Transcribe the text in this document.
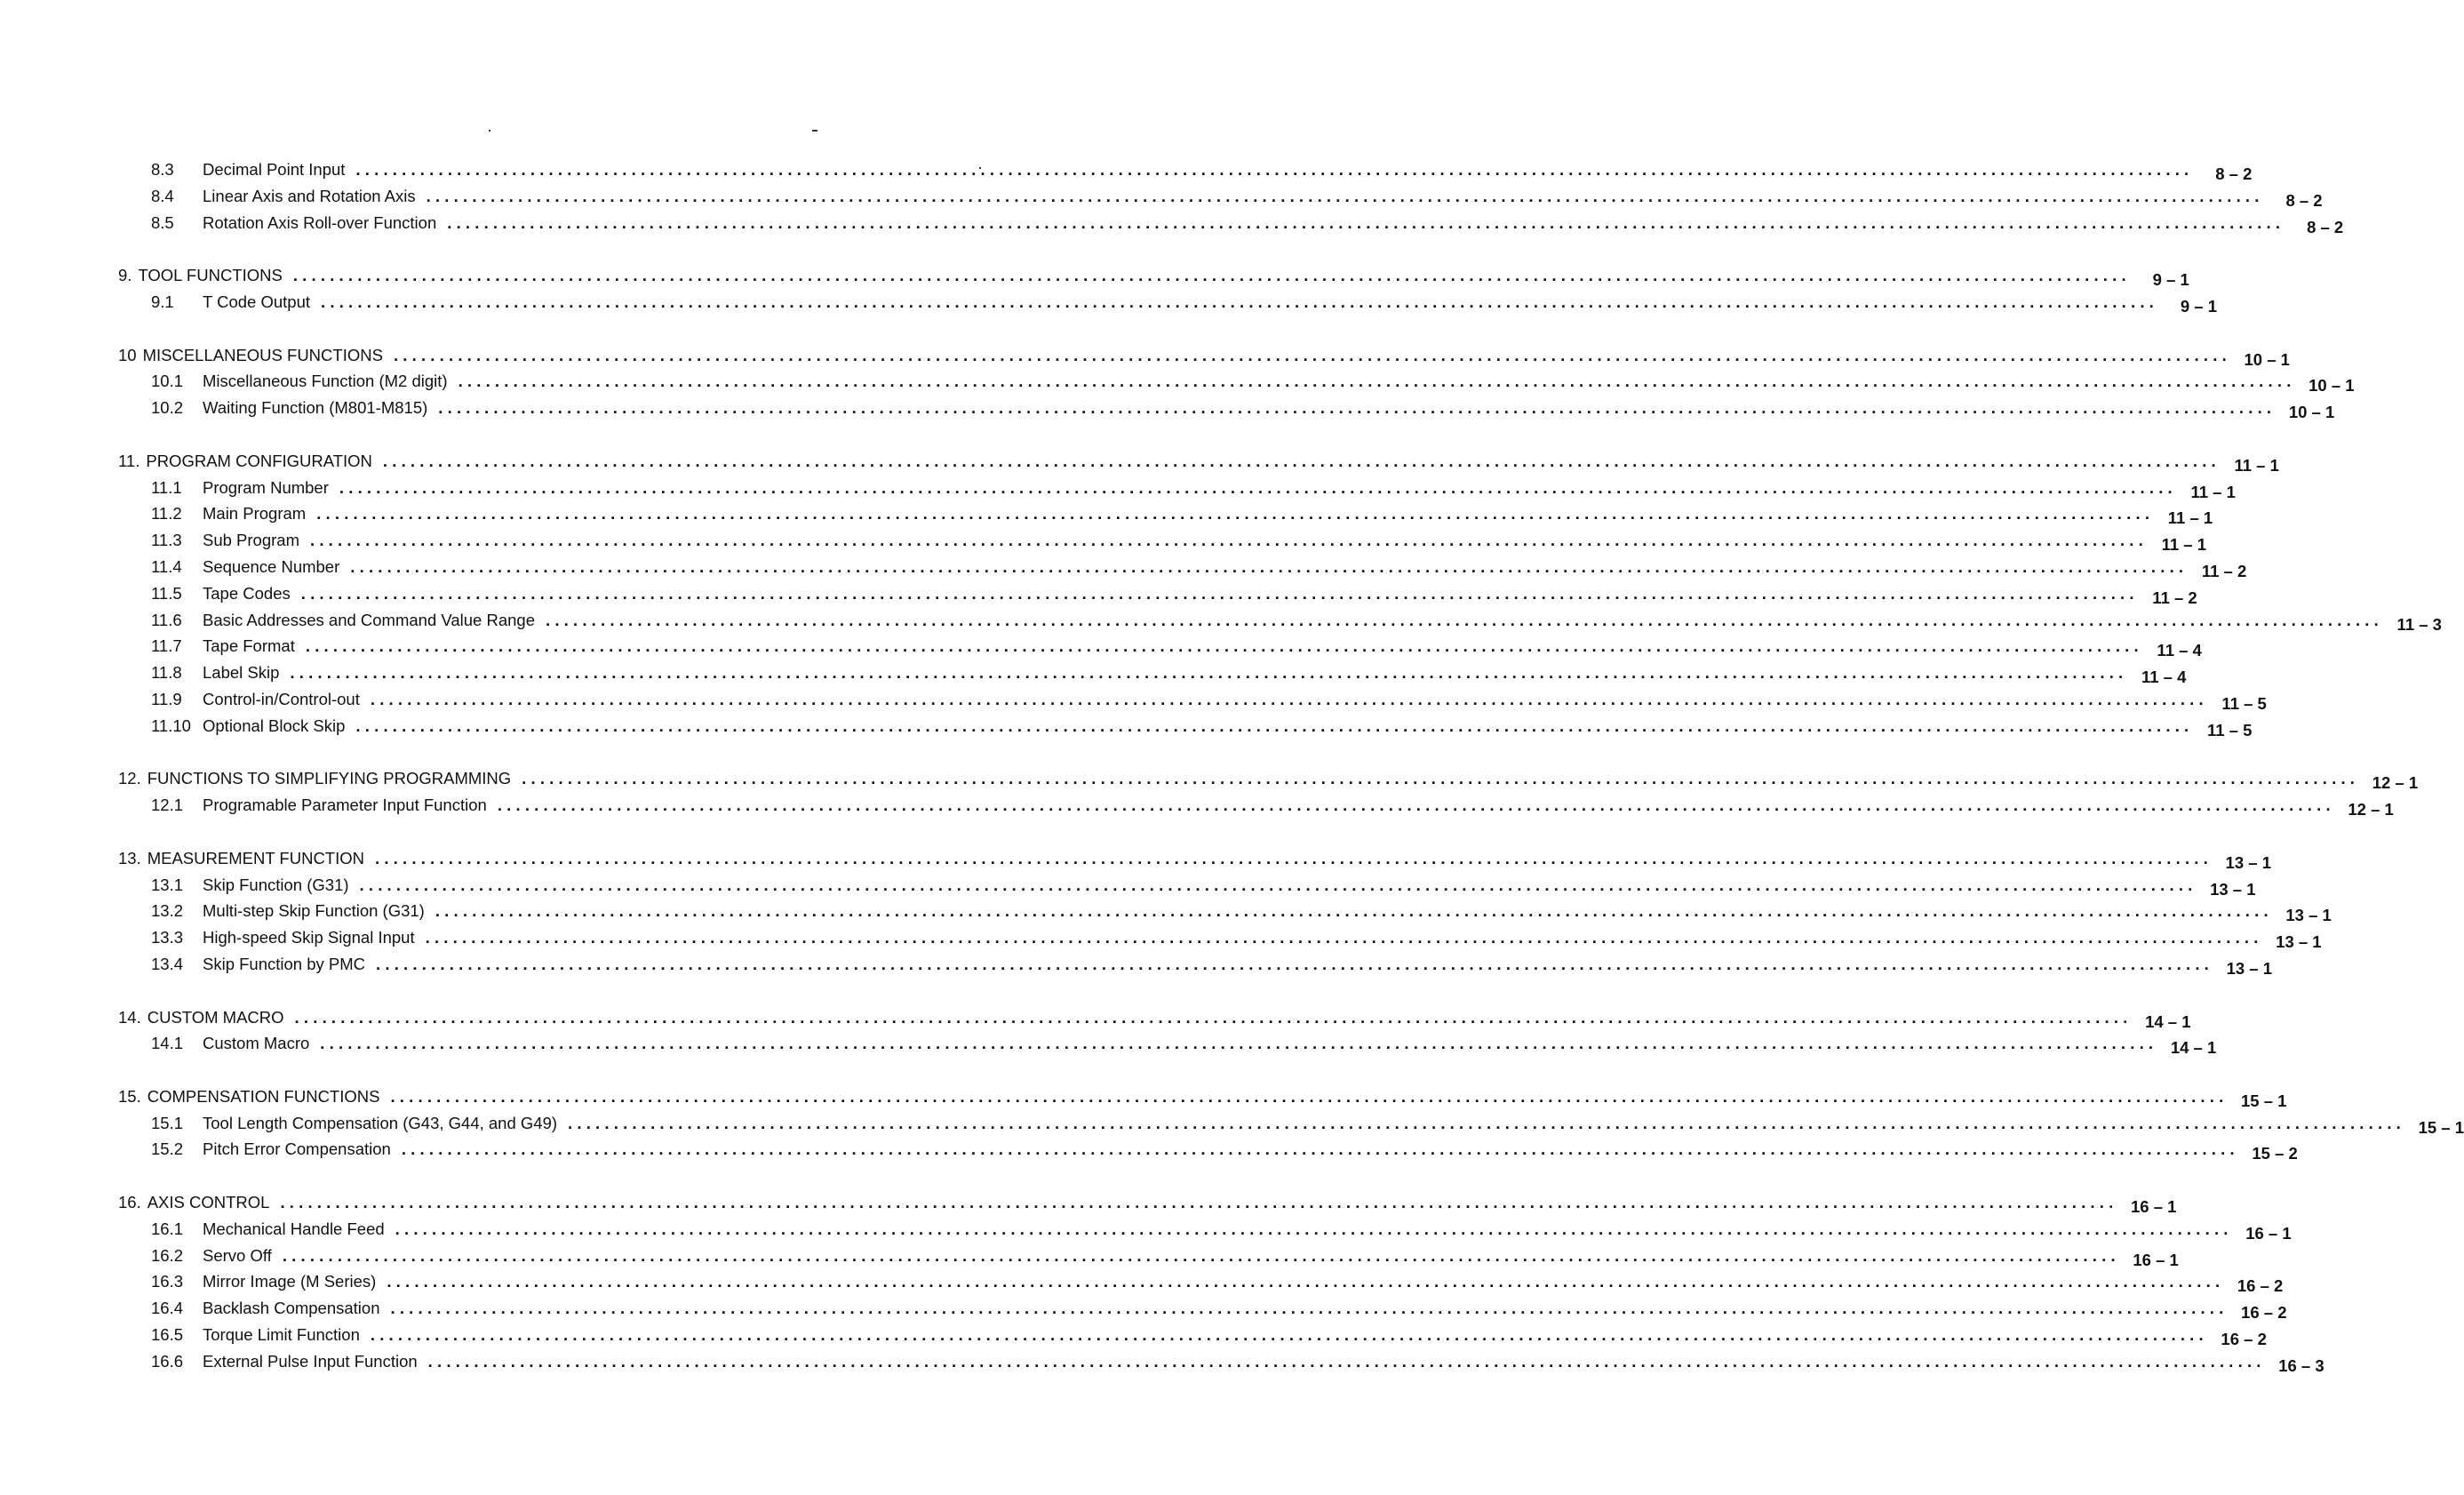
8.3	Decimal Point Input ........................................................................................................................................................................................................	8 – 2
8.4	Linear Axis and Rotation Axis ........................................................................................................................................................................................................	8 – 2
8.5	Rotation Axis Roll-over Function ........................................................................................................................................................................................................	8 – 2
9. TOOL FUNCTIONS ........................................................................................................................................................................................................	9 – 1
9.1	T Code Output ........................................................................................................................................................................................................	9 – 1
10 MISCELLANEOUS FUNCTIONS ........................................................................................................................................................................................................ 10 – 1
10.1	Miscellaneous Function (M2 digit) ........................................................................................................................................................................................................ 10 – 1
10.2	Waiting Function (M801-M815) ........................................................................................................................................................................................................ 10 – 1
11. PROGRAM CONFIGURATION ........................................................................................................................................................................................................ 11 – 1
11.1	Program Number ........................................................................................................................................................................................................ 11 – 1
11.2	Main Program ........................................................................................................................................................................................................ 11 – 1
11.3	Sub Program ........................................................................................................................................................................................................ 11 – 1
11.4	Sequence Number ........................................................................................................................................................................................................ 11 – 2
11.5	Tape Codes ........................................................................................................................................................................................................ 11 – 2
11.6	Basic Addresses and Command Value Range ........................................................................................................................................................................................................ 11 – 3
11.7	Tape Format ........................................................................................................................................................................................................ 11 – 4
11.8	Label Skip ........................................................................................................................................................................................................ 11 – 4
11.9	Control-in/Control-out ........................................................................................................................................................................................................ 11 – 5
11.10 Optional Block Skip ........................................................................................................................................................................................................ 11 – 5
12. FUNCTIONS TO SIMPLIFYING PROGRAMMING ........................................................................................................................................................................................................ 12 – 1
12.1	Programable Parameter Input Function ........................................................................................................................................................................................................ 12 – 1
13. MEASUREMENT FUNCTION ........................................................................................................................................................................................................ 13 – 1
13.1	Skip Function (G31) ........................................................................................................................................................................................................ 13 – 1
13.2	Multi-step Skip Function (G31) ........................................................................................................................................................................................................ 13 – 1
13.3	High-speed Skip Signal Input ........................................................................................................................................................................................................ 13 – 1
13.4	Skip Function by PMC ........................................................................................................................................................................................................ 13 – 1
14. CUSTOM MACRO ........................................................................................................................................................................................................ 14 – 1
14.1	Custom Macro ........................................................................................................................................................................................................ 14 – 1
15. COMPENSATION FUNCTIONS ........................................................................................................................................................................................................ 15 – 1
15.1	Tool Length Compensation (G43, G44, and G49) ........................................................................................................................................................................................................ 15 – 1
15.2	Pitch Error Compensation ........................................................................................................................................................................................................ 15 – 2
16. AXIS CONTROL ........................................................................................................................................................................................................ 16 – 1
16.1	Mechanical Handle Feed ........................................................................................................................................................................................................ 16 – 1
16.2	Servo Off ........................................................................................................................................................................................................ 16 – 1
16.3	Mirror Image (M Series) ........................................................................................................................................................................................................ 16 – 2
16.4	Backlash Compensation ........................................................................................................................................................................................................ 16 – 2
16.5	Torque Limit Function ........................................................................................................................................................................................................ 16 – 2
16.6	External Pulse Input Function ........................................................................................................................................................................................................ 16 – 3
